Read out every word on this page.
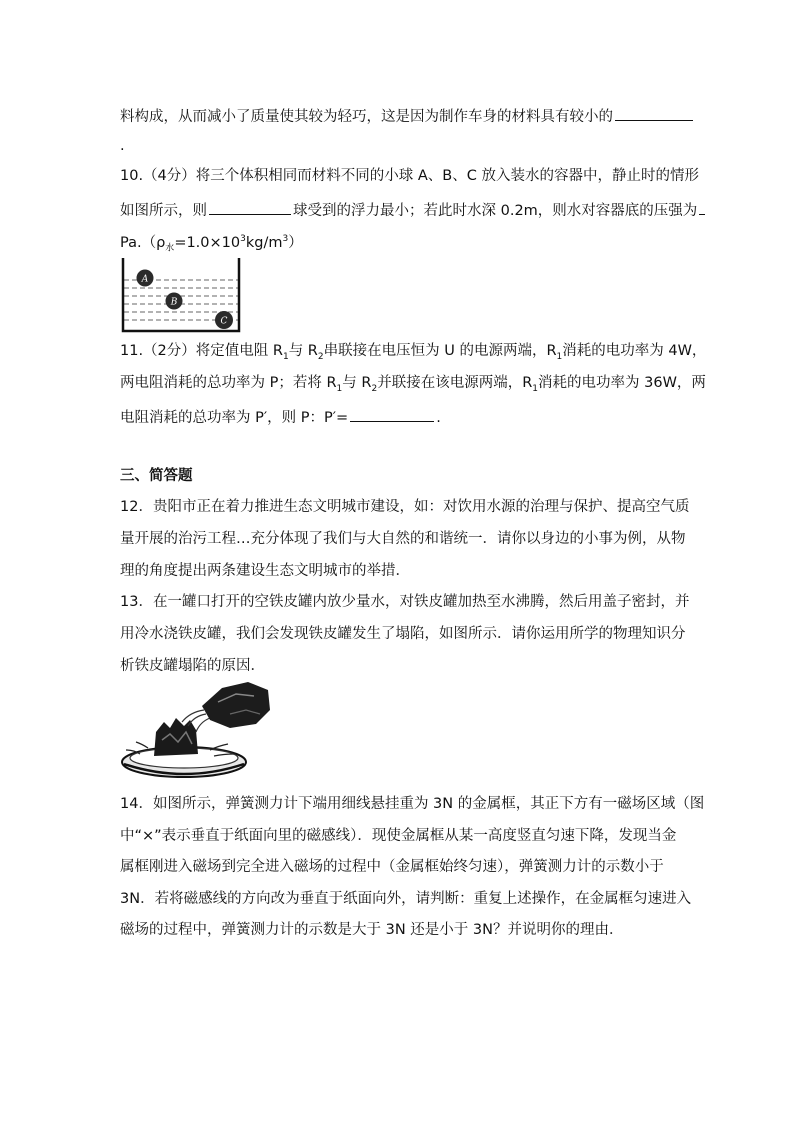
料构成，从而减小了质量使其较为轻巧，这是因为制作车身的材料具有较小的
.
10.（4分）将三个体积相同而材料不同的小球 A、B、C 放入装水的容器中，静止时的情形
如图所示，则	球受到的浮力最小；若此时水深 0.2m，则水对容器底的压强为
$Pa.(\rho_水=1.0\times 10^3kg/m^3)$
A
B
C
11.（2分）将定值电阻 $R_1$与 $R_2$串联接在电压恒为 U 的电源两端，$R_1$消耗的电功率为 4W，
两电阻消耗的总功率为 P；若将 $R_1$与 $R_2$并联接在该电源两端，$R_1$消耗的电功率为 36W，两
电阻消耗的总功率为 P′，则 P：P′=	.
三、简答题
12．贵阳市正在着力推进生态文明城市建设，如：对饮用水源的治理与保护、提高空气质
量开展的治污工程…充分体现了我们与大自然的和谐统一．请你以身边的小事为例，从物
理的角度提出两条建设生态文明城市的举措．
13．在一罐口打开的空铁皮罐内放少量水，对铁皮罐加热至水沸腾，然后用盖子密封，并
用冷水浇铁皮罐，我们会发现铁皮罐发生了塌陷，如图所示．请你运用所学的物理知识分
析铁皮罐塌陷的原因．
14．如图所示，弹簧测力计下端用细线悬挂重为 3N 的金属框，其正下方有一磁场区域（图
中“×”表示垂直于纸面向里的磁感线）．现使金属框从某一高度竖直匀速下降，发现当金
属框刚进入磁场到完全进入磁场的过程中（金属框始终匀速），弹簧测力计的示数小于
3N．若将磁感线的方向改为垂直于纸面向外，请判断：重复上述操作，在金属框匀速进入
磁场的过程中，弹簧测力计的示数是大于 3N 还是小于 3N？并说明你的理由．
